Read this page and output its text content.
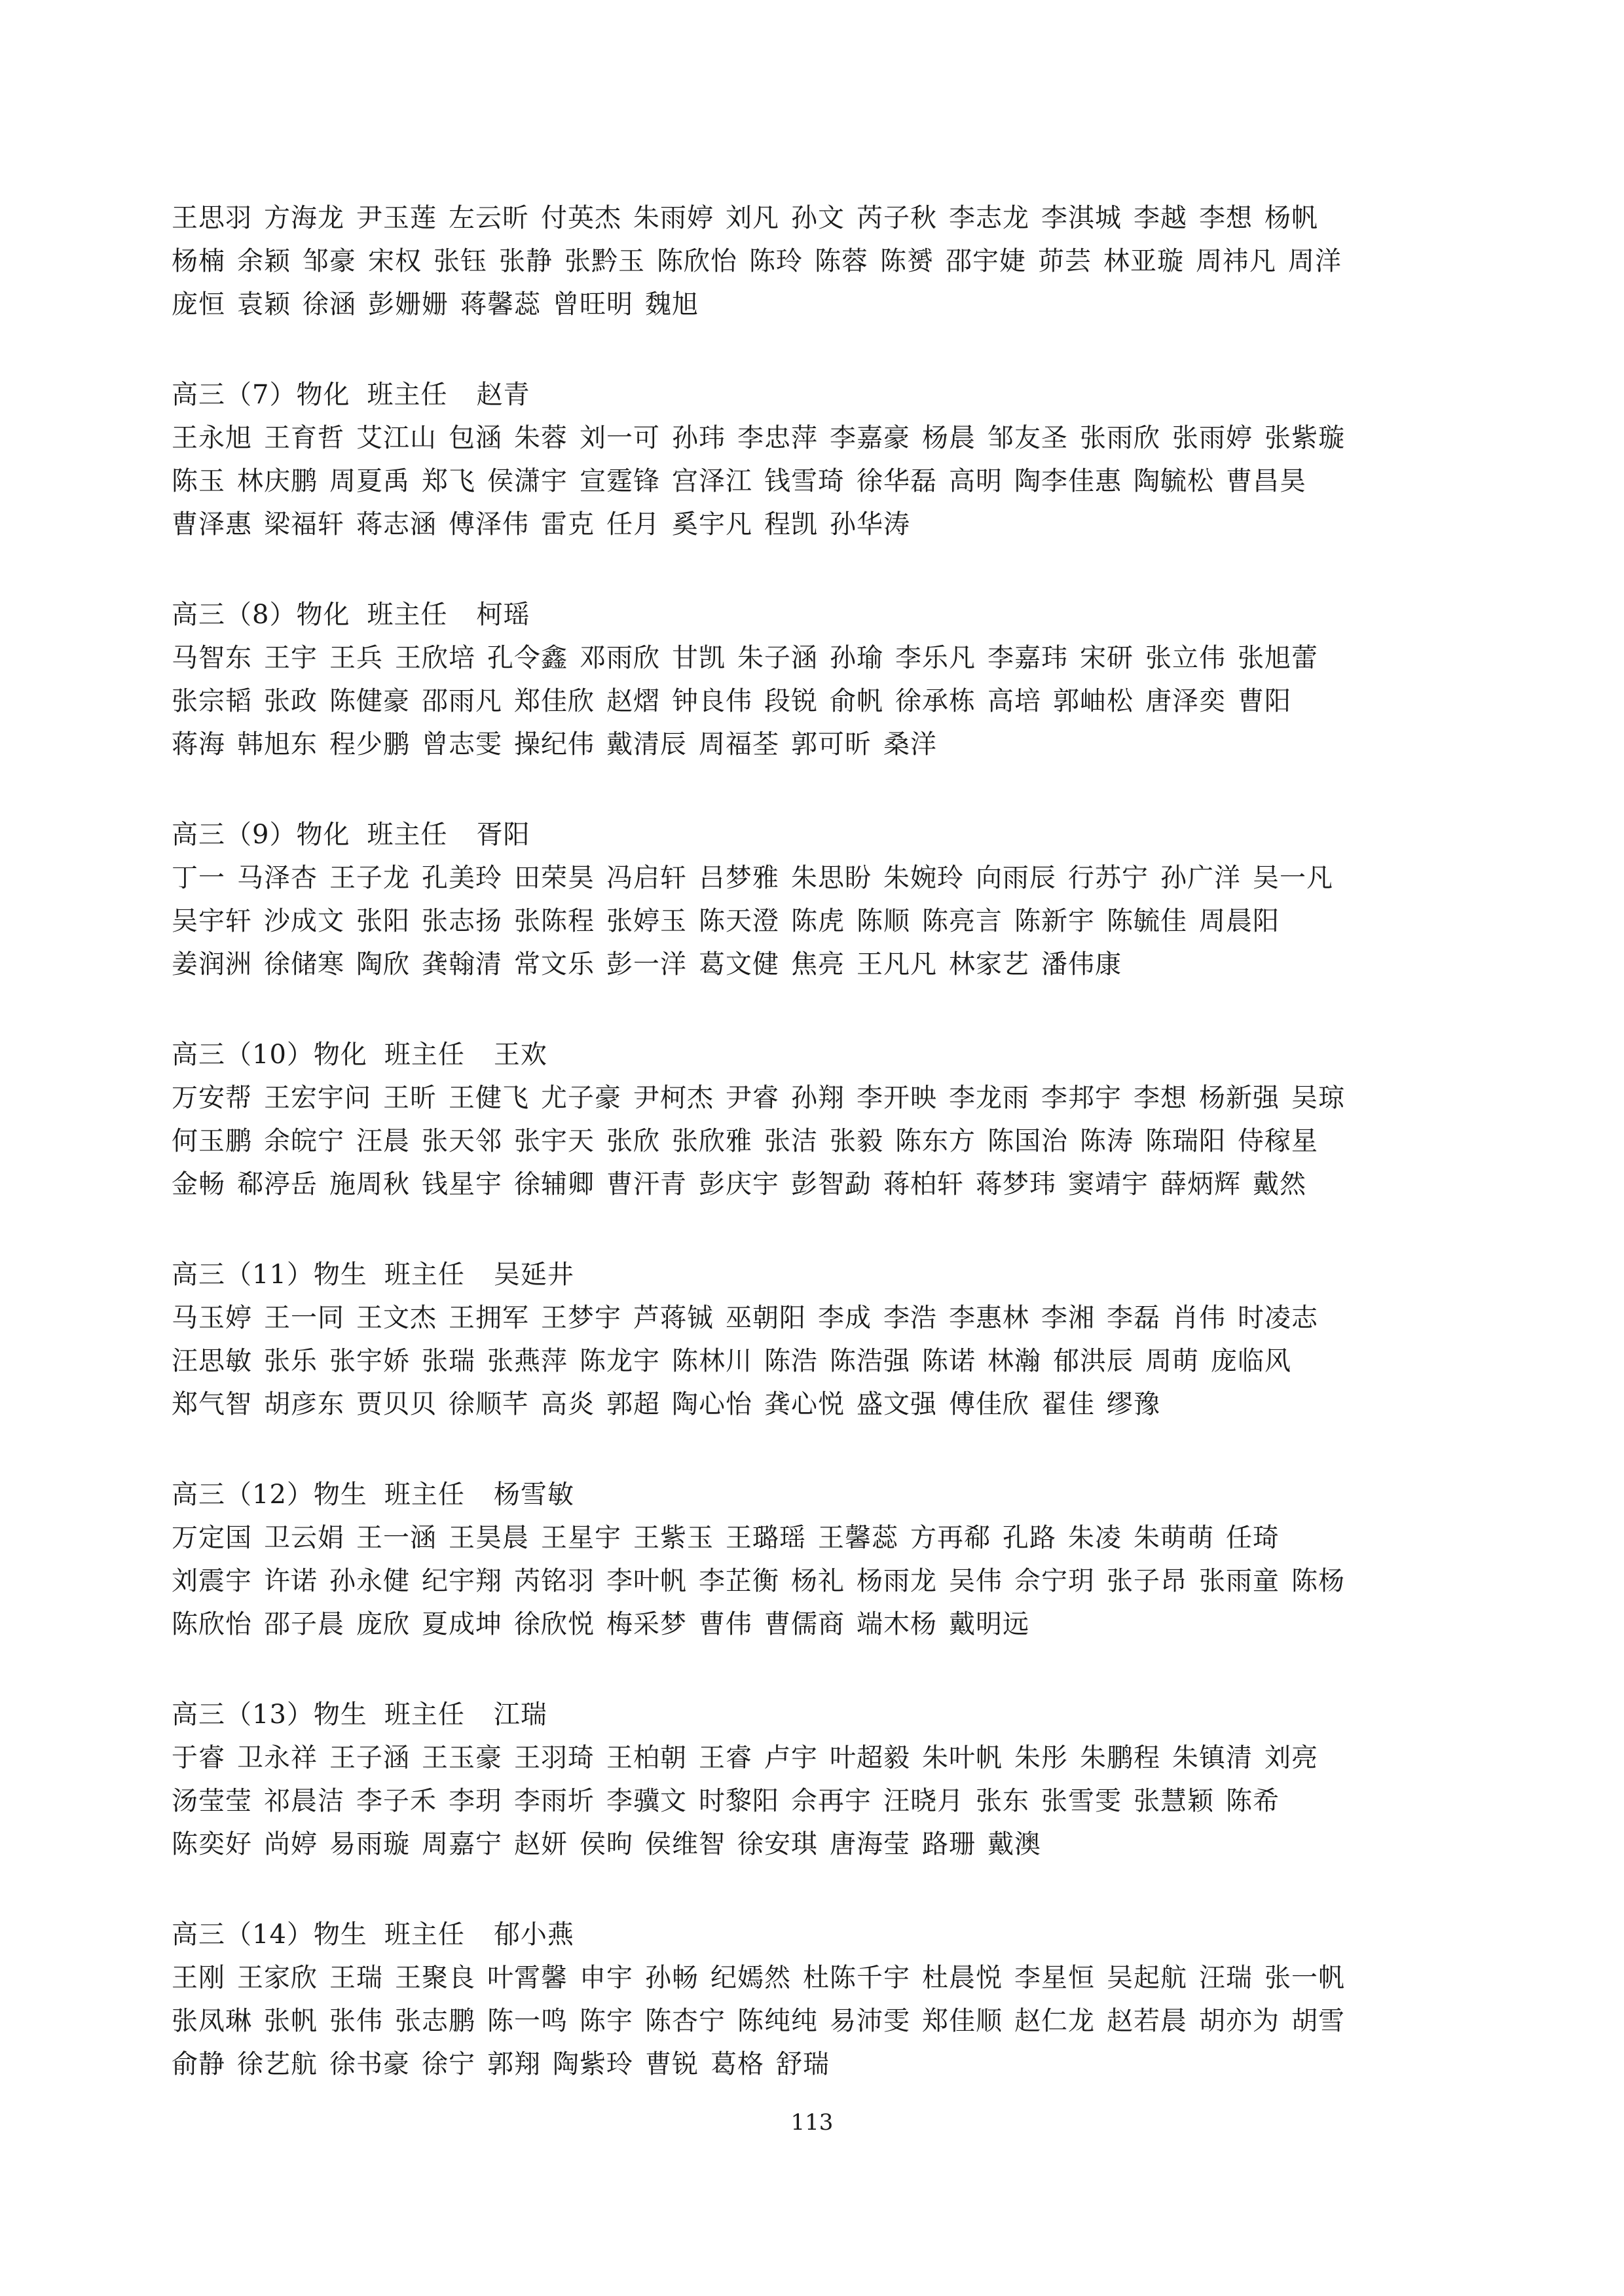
王思羽 方海龙 尹玉莲 左云昕 付英杰 朱雨婷 刘凡 孙文 芮子秋 李志龙 李淇城 李越 李想 杨帆
杨楠 余颖 邹豪 宋权 张钰 张静 张黔玉 陈欣怡 陈玲 陈蓉 陈赟 邵宇婕 茆芸 林亚璇 周祎凡 周洋
庞恒 袁颖 徐涵 彭姗姗 蒋馨蕊 曾旺明 魏旭
高三（7）物化 班主任 赵青
王永旭 王育哲 艾江山 包涵 朱蓉 刘一可 孙玮 李忠萍 李嘉豪 杨晨 邹友圣 张雨欣 张雨婷 张紫璇
陈玉 林庆鹏 周夏禹 郑飞 侯潇宇 宣霆锋 宫泽江 钱雪琦 徐华磊 高明 陶李佳惠 陶毓松 曹昌昊
曹泽惠 梁福轩 蒋志涵 傅泽伟 雷克 任月 奚宇凡 程凯 孙华涛
高三（8）物化 班主任 柯瑶
马智东 王宇 王兵 王欣培 孔令鑫 邓雨欣 甘凯 朱子涵 孙瑜 李乐凡 李嘉玮 宋研 张立伟 张旭蕾
张宗韬 张政 陈健豪 邵雨凡 郑佳欣 赵熠 钟良伟 段锐 俞帆 徐承栋 高培 郭岫松 唐泽奕 曹阳
蒋海 韩旭东 程少鹏 曾志雯 操纪伟 戴清辰 周福荃 郭可昕 桑洋
高三（9）物化 班主任 胥阳
丁一 马泽杏 王子龙 孔美玲 田荣昊 冯启轩 吕梦雅 朱思盼 朱婉玲 向雨辰 行苏宁 孙广洋 吴一凡
吴宇轩 沙成文 张阳 张志扬 张陈程 张婷玉 陈天澄 陈虎 陈顺 陈亮言 陈新宇 陈毓佳 周晨阳
姜润洲 徐储寒 陶欣 龚翰清 常文乐 彭一洋 葛文健 焦亮 王凡凡 林家艺 潘伟康
高三（10）物化 班主任 王欢
万安帮 王宏宇问 王昕 王健飞 尤子豪 尹柯杰 尹睿 孙翔 李开映 李龙雨 李邦宇 李想 杨新强 吴琼
何玉鹏 余皖宁 汪晨 张天邻 张宇天 张欣 张欣雅 张洁 张毅 陈东方 陈国治 陈涛 陈瑞阳 侍稼星
金畅 郗渟岳 施周秋 钱星宇 徐辅卿 曹汗青 彭庆宇 彭智勐 蒋柏轩 蒋梦玮 窦靖宇 薛炳辉 戴然
高三（11）物生 班主任 吴延井
马玉婷 王一同 王文杰 王拥军 王梦宇 芦蒋铖 巫朝阳 李成 李浩 李惠林 李湘 李磊 肖伟 时凌志
汪思敏 张乐 张宇娇 张瑞 张燕萍 陈龙宇 陈林川 陈浩 陈浩强 陈诺 林瀚 郁洪辰 周萌 庞临风
郑气智 胡彦东 贾贝贝 徐顺芊 高炎 郭超 陶心怡 龚心悦 盛文强 傅佳欣 翟佳 缪豫
高三（12）物生 班主任 杨雪敏
万定国 卫云娟 王一涵 王昊晨 王星宇 王紫玉 王璐瑶 王馨蕊 方再郗 孔路 朱凌 朱萌萌 任琦
刘震宇 许诺 孙永健 纪宇翔 芮铭羽 李叶帆 李芷衡 杨礼 杨雨龙 吴伟 佘宁玥 张子昂 张雨童 陈杨
陈欣怡 邵子晨 庞欣 夏成坤 徐欣悦 梅采梦 曹伟 曹儒商 端木杨 戴明远
高三（13）物生 班主任 江瑞
于睿 卫永祥 王子涵 王玉豪 王羽琦 王柏朝 王睿 卢宇 叶超毅 朱叶帆 朱彤 朱鹏程 朱镇清 刘亮
汤莹莹 祁晨洁 李子禾 李玥 李雨圻 李骥文 时黎阳 佘再宇 汪晓月 张东 张雪雯 张慧颖 陈希
陈奕好 尚婷 易雨璇 周嘉宁 赵妍 侯昫 侯维智 徐安琪 唐海莹 路珊 戴澳
高三（14）物生 班主任 郁小燕
王刚 王家欣 王瑞 王聚良 叶霄馨 申宇 孙畅 纪嫣然 杜陈千宇 杜晨悦 李星恒 吴起航 汪瑞 张一帆
张凤琳 张帆 张伟 张志鹏 陈一鸣 陈宇 陈杏宁 陈纯纯 易沛雯 郑佳顺 赵仁龙 赵若晨 胡亦为 胡雪
俞静 徐艺航 徐书豪 徐宁 郭翔 陶紫玲 曹锐 葛格 舒瑞
113
